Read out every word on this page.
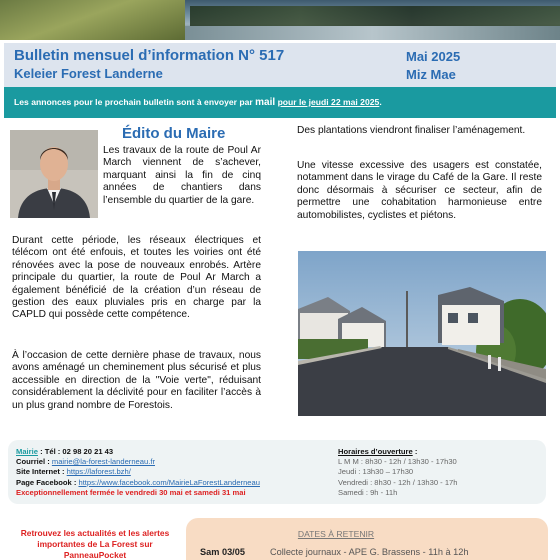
Bulletin mensuel d’information N° 517
Keleier Forest Landerne
Mai 2025
Miz Mae
Les annonces pour le prochain bulletin sont à envoyer par mail pour le jeudi 22 mai 2025.
Édito du Maire
Les travaux de la route de Poul Ar March viennent de s’achever, marquant ainsi la fin de cinq années de chantiers dans l’ensemble du quartier de la gare.
Durant cette période, les réseaux électriques et télécom ont été enfouis, et toutes les voiries ont été rénovées avec la pose de nouveaux enrobés. Artère principale du quartier, la route de Poul Ar March a également bénéficié de la création d’un réseau de gestion des eaux pluviales pris en charge par la CAPLD qui possède cette compétence.
À l’occasion de cette dernière phase de travaux, nous avons aménagé un cheminement plus sécurisé et plus accessible en direction de la "Voie verte", réduisant considérablement la déclivité pour en faciliter l’accès à un plus grand nombre de Forestois.
Des plantations viendront finaliser l’aménagement.
Une vitesse excessive des usagers est constatée, notamment dans le virage du Café de la Gare. Il reste donc désormais à sécuriser ce secteur, afin de permettre une cohabitation harmonieuse entre automobilistes, cyclistes et piétons.
Mairie : Tél : 02 98 20 21 43
Courriel : mairie@la-forest-landerneau.fr
Site Internet : https://laforest.bzh/
Page Facebook : https://www.facebook.com/MairieLaForestLanderneau
Exceptionnellement fermée le vendredi 30 mai et samedi 31 mai
Horaires d’ouverture :
L M M : 8h30 - 12h / 13h30 - 17h30
Jeudi : 13h30 – 17h30
Vendredi : 8h30 - 12h / 13h30 - 17h
Samedi : 9h - 11h
Retrouvez les actualités et les alertes importantes de La Forest sur PanneauPocket
DATES À RETENIR
Sam 03/05	Collecte journaux - APE G. Brassens - 11h à 12h
